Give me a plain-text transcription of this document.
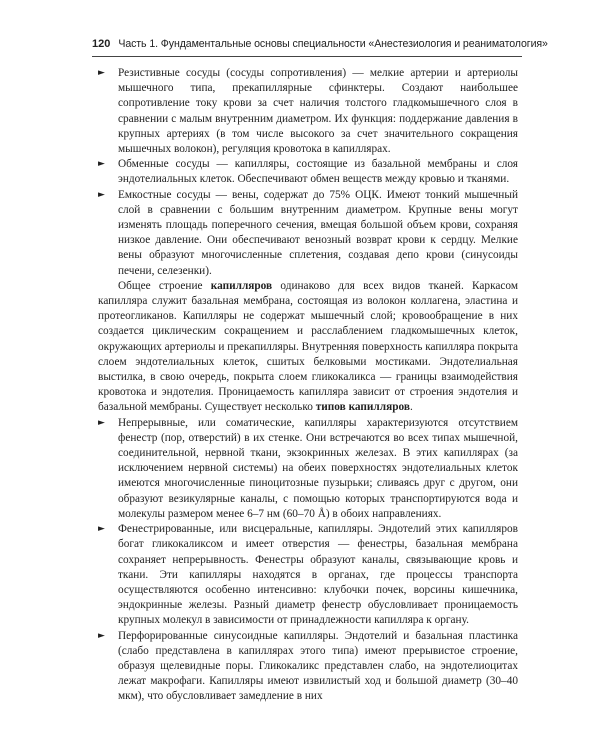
120 Часть 1. Фундаментальные основы специальности «Анестезиология и реаниматология»
►	Резистивные сосуды (сосуды сопротивления) — мелкие артерии и артериолы мышечного типа, прекапиллярные сфинктеры. Создают наибольшее сопротивление току крови за счет наличия толстого гладкомышечного слоя в сравнении с малым внутренним диаметром. Их функция: поддержание давления в крупных артериях (в том числе высокого за счет значительного сокращения мышечных волокон), регуляция кровотока в капиллярах.

►	Обменные сосуды — капилляры, состоящие из базальной мембраны и слоя эндотелиальных клеток. Обеспечивают обмен веществ между кровью и тканями.

►	Емкостные сосуды — вены, содержат до 75% ОЦК. Имеют тонкий мышечный слой в сравнении с большим внутренним диаметром. Крупные вены могут изменять площадь поперечного сечения, вмещая большой объем крови, сохраняя низкое давление. Они обеспечивают венозный возврат крови к сердцу. Мелкие вены образуют многочисленные сплетения, создавая депо крови (синусоиды печени, селезенки).

Общее строение капилляров одинаково для всех видов тканей. Каркасом капилляра служит базальная мембрана, состоящая из волокон коллагена, эластина и протеогликанов. Капилляры не содержат мышечный слой; кровообращение в них создается циклическим сокращением и расслаблением гладкомышечных клеток, окружающих артериолы и прекапилляры. Внутренняя поверхность капилляра покрыта слоем эндотелиальных клеток, сшитых белковыми мостиками. Эндотелиальная выстилка, в свою очередь, покрыта слоем гликокаликса — границы взаимодействия кровотока и эндотелия. Проницаемость капилляра зависит от строения эндотелия и базальной мембраны. Существует несколько типов капилляров.

►	Непрерывные, или соматические, капилляры характеризуются отсутствием фенестр (пор, отверстий) в их стенке. Они встречаются во всех типах мышечной, соединительной, нервной ткани, экзокринных железах. В этих капиллярах (за исключением нервной системы) на обеих поверхностях эндотелиальных клеток имеются многочисленные пиноцитозные пузырьки; сливаясь друг с другом, они образуют везикулярные каналы, с помощью которых транспортируются вода и молекулы размером менее 6–7 нм (60–70 Å) в обоих направлениях.

►	Фенестрированные, или висцеральные, капилляры. Эндотелий этих капилляров богат гликокаликсом и имеет отверстия — фенестры, базальная мембрана сохраняет непрерывность. Фенестры образуют каналы, связывающие кровь и ткани. Эти капилляры находятся в органах, где процессы транспорта осуществляются особенно интенсивно: клубочки почек, ворсины кишечника, эндокринные железы. Разный диаметр фенестр обусловливает проницаемость крупных молекул в зависимости от принадлежности капилляра к органу.

►	Перфорированные синусоидные капилляры. Эндотелий и базальная пластинка (слабо представлена в капиллярах этого типа) имеют прерывистое строение, образуя щелевидные поры. Гликокаликс представлен слабо, на эндотелиоцитах лежат макрофаги. Капилляры имеют извилистый ход и большой диаметр (30–40 мкм), что обусловливает замедление в них
